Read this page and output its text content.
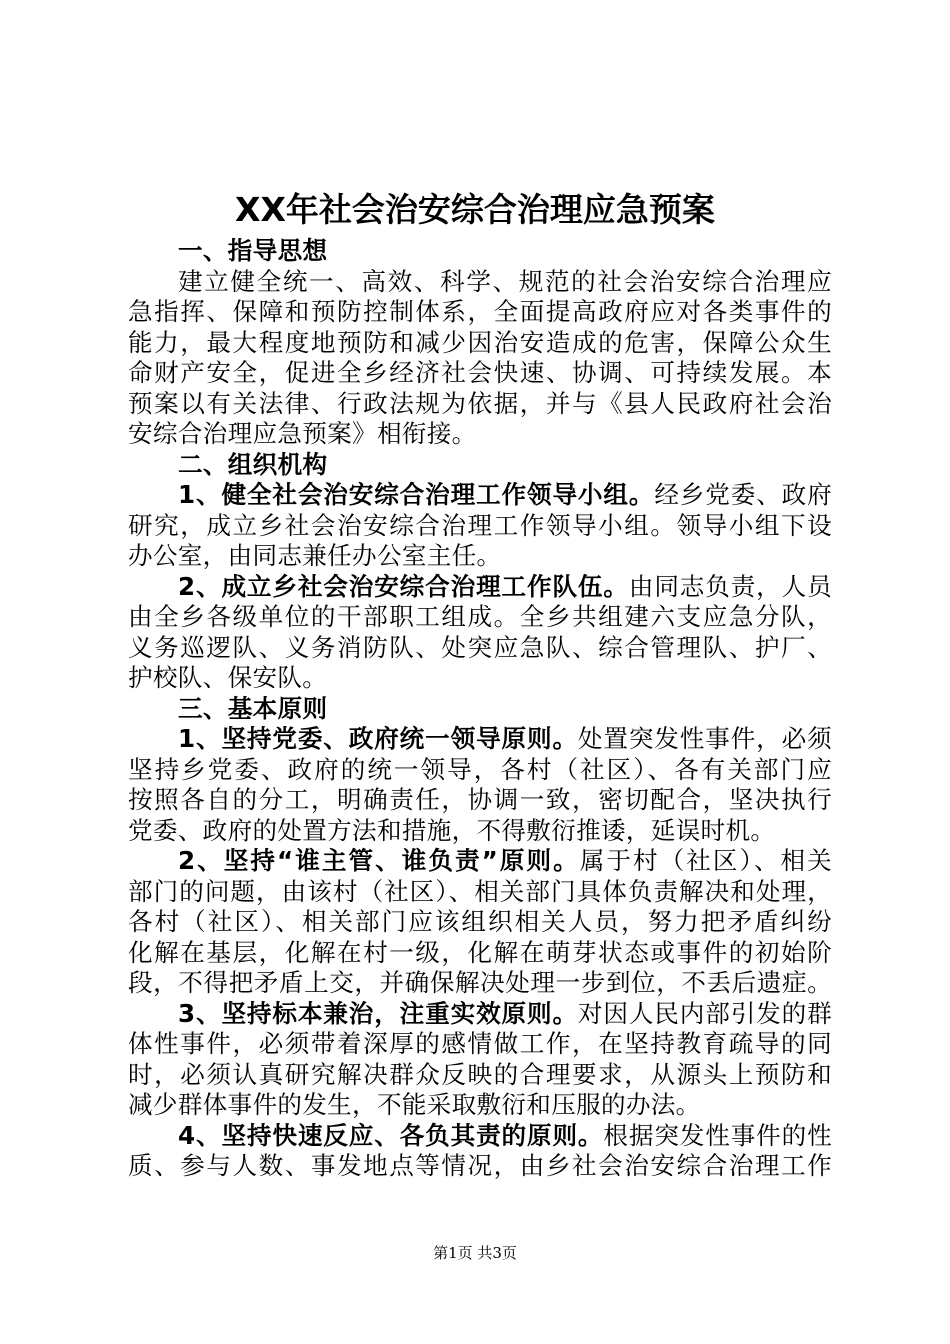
XX年社会治安综合治理应急预案
一、指导思想
建立健全统一、高效、科学、规范的社会治安综合治理应
急指挥、保障和预防控制体系，全面提高政府应对各类事件的
能力，最大程度地预防和减少因治安造成的危害，保障公众生
命财产安全，促进全乡经济社会快速、协调、可持续发展。本
预案以有关法律、行政法规为依据，并与《县人民政府社会治
安综合治理应急预案》相衔接。
二、组织机构
1、健全社会治安综合治理工作领导小组。经乡党委、政府
研究，成立乡社会治安综合治理工作领导小组。领导小组下设
办公室，由同志兼任办公室主任。
2、成立乡社会治安综合治理工作队伍。由同志负责，人员
由全乡各级单位的干部职工组成。全乡共组建六支应急分队，
义务巡逻队、义务消防队、处突应急队、综合管理队、护厂、
护校队、保安队。
三、基本原则
1、坚持党委、政府统一领导原则。处置突发性事件，必须
坚持乡党委、政府的统一领导，各村（社区）、各有关部门应
按照各自的分工，明确责任，协调一致，密切配合，坚决执行
党委、政府的处置方法和措施，不得敷衍推诿，延误时机。
2、坚持“谁主管、谁负责”原则。属于村（社区）、相关
部门的问题，由该村（社区）、相关部门具体负责解决和处理，
各村（社区）、相关部门应该组织相关人员，努力把矛盾纠纷
化解在基层，化解在村一级，化解在萌芽状态或事件的初始阶
段，不得把矛盾上交，并确保解决处理一步到位，不丢后遗症。
3、坚持标本兼治，注重实效原则。对因人民内部引发的群
体性事件，必须带着深厚的感情做工作，在坚持教育疏导的同
时，必须认真研究解决群众反映的合理要求，从源头上预防和
减少群体事件的发生，不能采取敷衍和压服的办法。
4、坚持快速反应、各负其责的原则。根据突发性事件的性
质、参与人数、事发地点等情况，由乡社会治安综合治理工作
第1页 共3页
